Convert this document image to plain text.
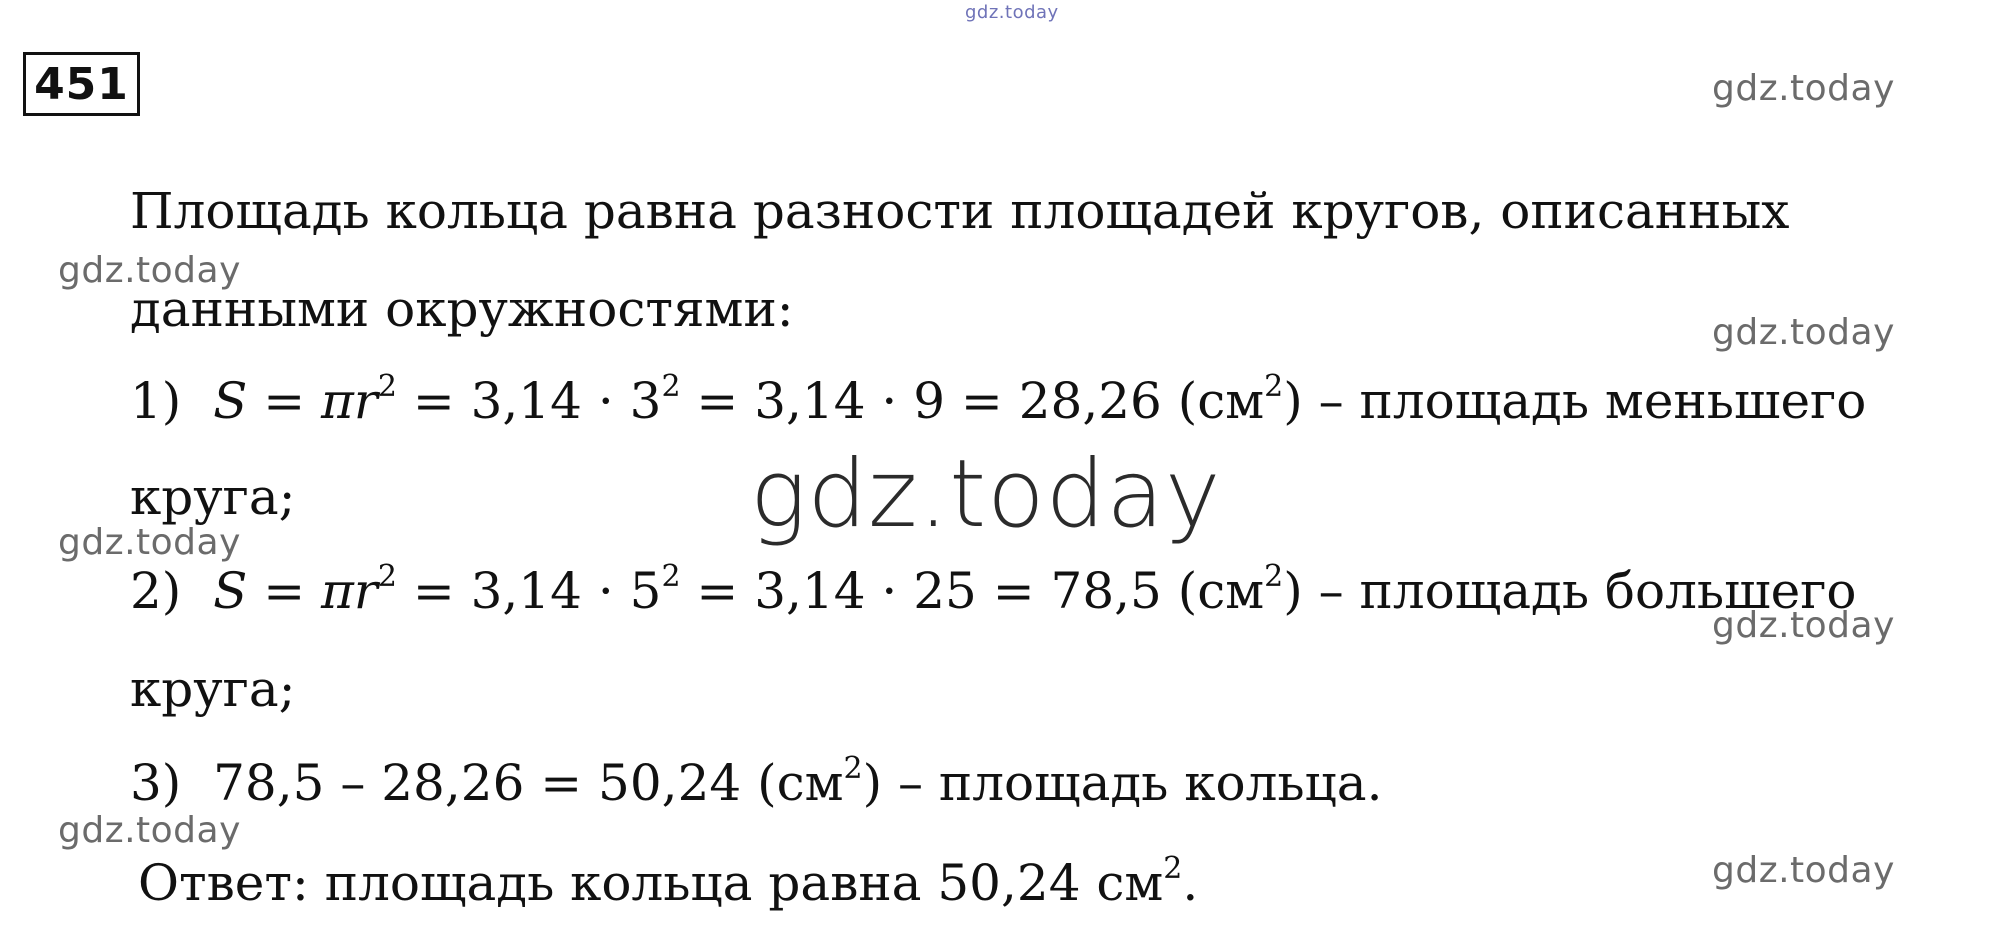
gdz.today
gdz.today
gdz.today
gdz.today
gdz.today
gdz.today
gdz.today
gdz.today
451
Площадь кольца равна разности площадей кругов, описанных
данными окружностями:
1) $S = \pi r^2 = 3,14 \cdot 3^2 = 3,14 \cdot 9 = 28,26$ $(см^2)$ – площадь меньшего
круга;
2) $S = \pi r^2 = 3,14 \cdot 5^2 = 3,14 \cdot 25 = 78,5$ $(см^2)$ – площадь большего
круга;
3) 78,5 – 28,26 = 50,24 $(см^2)$ – площадь кольца.
Ответ: площадь кольца равна 50,24 $см^2$.
gdz.today
